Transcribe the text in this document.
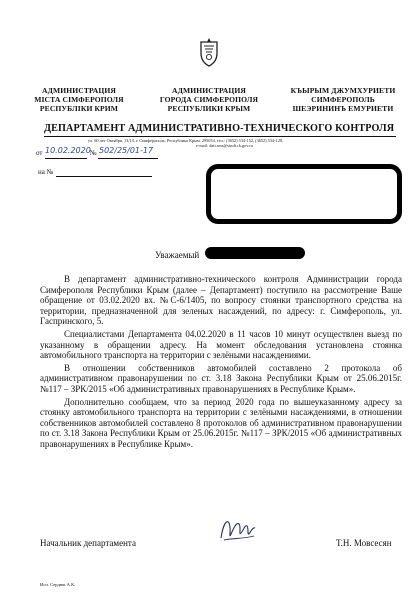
АДМИНИСТРАЦИЯ
МІСТА СІМФЕРОПОЛЯ
РЕСПУБЛІКИ КРИМ
АДМИНИСТРАЦИЯ
ГОРОДА СИМФЕРОПОЛЯ
РЕСПУБЛИКИ КРЫМ
КЪЫРЫМ ДЖУМХУРИЕТИ
СИМФЕРОПОЛЬ
ШЕЭРИНИНЪ ЕМУРИЕТИ
ДЕПАРТАМЕНТ АДМИНИСТРАТИВНО-ТЕХНИЧЕСКОГО КОНТРОЛЯ
ул. 60 лет Октября, 13/14, г. Симферополь, Республика Крым, 295034, тел.: (3652) 534-152, (3652) 534-128,
e-mail: dati.sms@simfi.rk.gov.ru
от	№
10.02.2020 502/25/01-17
на №
Уважаемый

В департамент административно-технического контроля Администрации города Симферополя Республики Крым (далее – Департамент) поступило на рассмотрение Ваше обращение от 03.02.2020 вх. №С-6/1405, по вопросу стоянки транспортного средства на территории, предназначенной для зеленых насаждений, по адресу: г. Симферополь, ул. Гаспринского, 5.

Специалистами Департамента 04.02.2020 в 11 часов 10 минут осуществлен выезд по указанному в обращении адресу. На момент обследования установлена стоянка автомобильного транспорта на территории с зелёными насаждениями.

В отношении собственников автомобилей составлено 2 протокола об административном правонарушении по ст. 3.18 Закона Республики Крым от 25.06.2015г. №117 – ЗРК/2015 «Об административных правонарушениях в Республике Крым».

Дополнительно сообщаем, что за период 2020 года по вышеуказанному адресу за стоянку автомобильного транспорта на территории с зелёными насаждениями, в отношении собственников автомобилей составлено 8 протоколов об административном правонарушении по ст. 3.18 Закона Республики Крым от 25.06.2015г. №117 – ЗРК/2015 «Об административных правонарушениях в Республике Крым».

Начальник департамента	Т.Н. Мовсесян
Исп. Сердюк А.К.
